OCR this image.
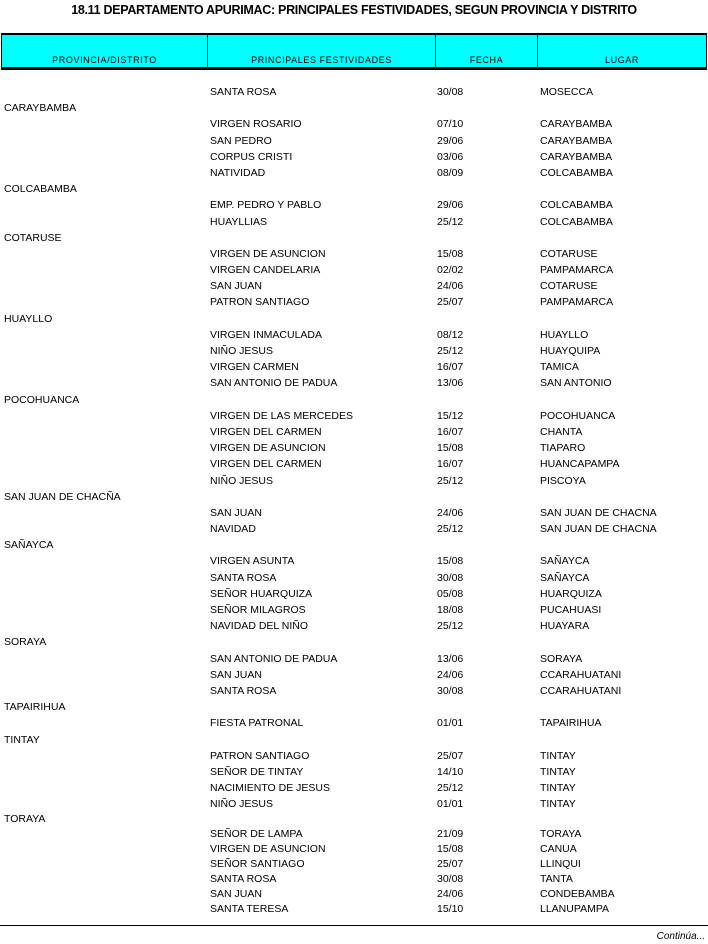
18.11 DEPARTAMENTO APURIMAC: PRINCIPALES FESTIVIDADES, SEGUN PROVINCIA Y DISTRITO
PROVINCIA/DISTRITO	PRINCIPALES FESTIVIDADES	FECHA	LUGAR
SANTA ROSA	30/08	MOSECCA
CARAYBAMBA
VIRGEN ROSARIO	07/10	CARAYBAMBA
SAN PEDRO	29/06	CARAYBAMBA
CORPUS CRISTI	03/06	CARAYBAMBA
NATIVIDAD	08/09	COLCABAMBA
COLCABAMBA
EMP. PEDRO Y PABLO	29/06	COLCABAMBA
HUAYLLIAS	25/12	COLCABAMBA
COTARUSE
VIRGEN DE ASUNCION	15/08	COTARUSE
VIRGEN CANDELARIA	02/02	PAMPAMARCA
SAN JUAN	24/06	COTARUSE
PATRON SANTIAGO	25/07	PAMPAMARCA
HUAYLLO
VIRGEN INMACULADA	08/12	HUAYLLO
NIÑO JESUS	25/12	HUAYQUIPA
VIRGEN CARMEN	16/07	TAMICA
SAN ANTONIO DE PADUA	13/06	SAN ANTONIO
POCOHUANCA
VIRGEN DE LAS MERCEDES	15/12	POCOHUANCA
VIRGEN DEL CARMEN	16/07	CHANTA
VIRGEN DE ASUNCION	15/08	TIAPARO
VIRGEN DEL CARMEN	16/07	HUANCAPAMPA
NIÑO JESUS	25/12	PISCOYA
SAN JUAN DE CHACÑA
SAN JUAN	24/06	SAN JUAN DE CHACNA
NAVIDAD	25/12	SAN JUAN DE CHACNA
SAÑAYCA
VIRGEN ASUNTA	15/08	SAÑAYCA
SANTA ROSA	30/08	SAÑAYCA
SEÑOR HUARQUIZA	05/08	HUARQUIZA
SEÑOR MILAGROS	18/08	PUCAHUASI
NAVIDAD DEL NIÑO	25/12	HUAYARA
SORAYA
SAN ANTONIO DE PADUA	13/06	SORAYA
SAN JUAN	24/06	CCARAHUATANI
SANTA ROSA	30/08	CCARAHUATANI
TAPAIRIHUA
FIESTA PATRONAL	01/01	TAPAIRIHUA
TINTAY
PATRON SANTIAGO	25/07	TINTAY
SEÑOR DE TINTAY	14/10	TINTAY
NACIMIENTO DE JESUS	25/12	TINTAY
NIÑO JESUS	01/01	TINTAY
TORAYA
SEÑOR DE LAMPA	21/09	TORAYA
VIRGEN DE ASUNCION	15/08	CANUA
SEÑOR SANTIAGO	25/07	LLINQUI
SANTA ROSA	30/08	TANTA
SAN JUAN	24/06	CONDEBAMBA
SANTA TERESA	15/10	LLANUPAMPA
Continúa...
